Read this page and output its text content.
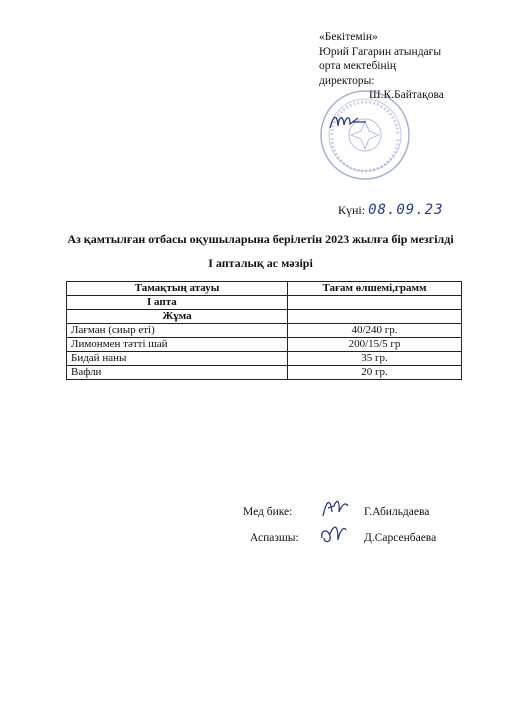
«Бекітемін»
Юрий Гагарин атындағы
орта мектебінің
директоры:
Ш.К.Байтақова
Күні: 08.09.23
Аз қамтылған отбасы оқушыларына берілетін 2023 жылға бір мезгілді
I апталық ас мәзірі
Тамақтың атауы	Тағам өлшемі,грамм
I апта	
Жұма	
Лағман (сиыр еті)	40/240 гр.
Лимонмен тәтті шай	200/15/5 гр
Бидай наны	35 гр.
Вафли	20 гр.
Мед бике:	Г.Абильдаева
Аспазшы:	Д.Сарсенбаева
